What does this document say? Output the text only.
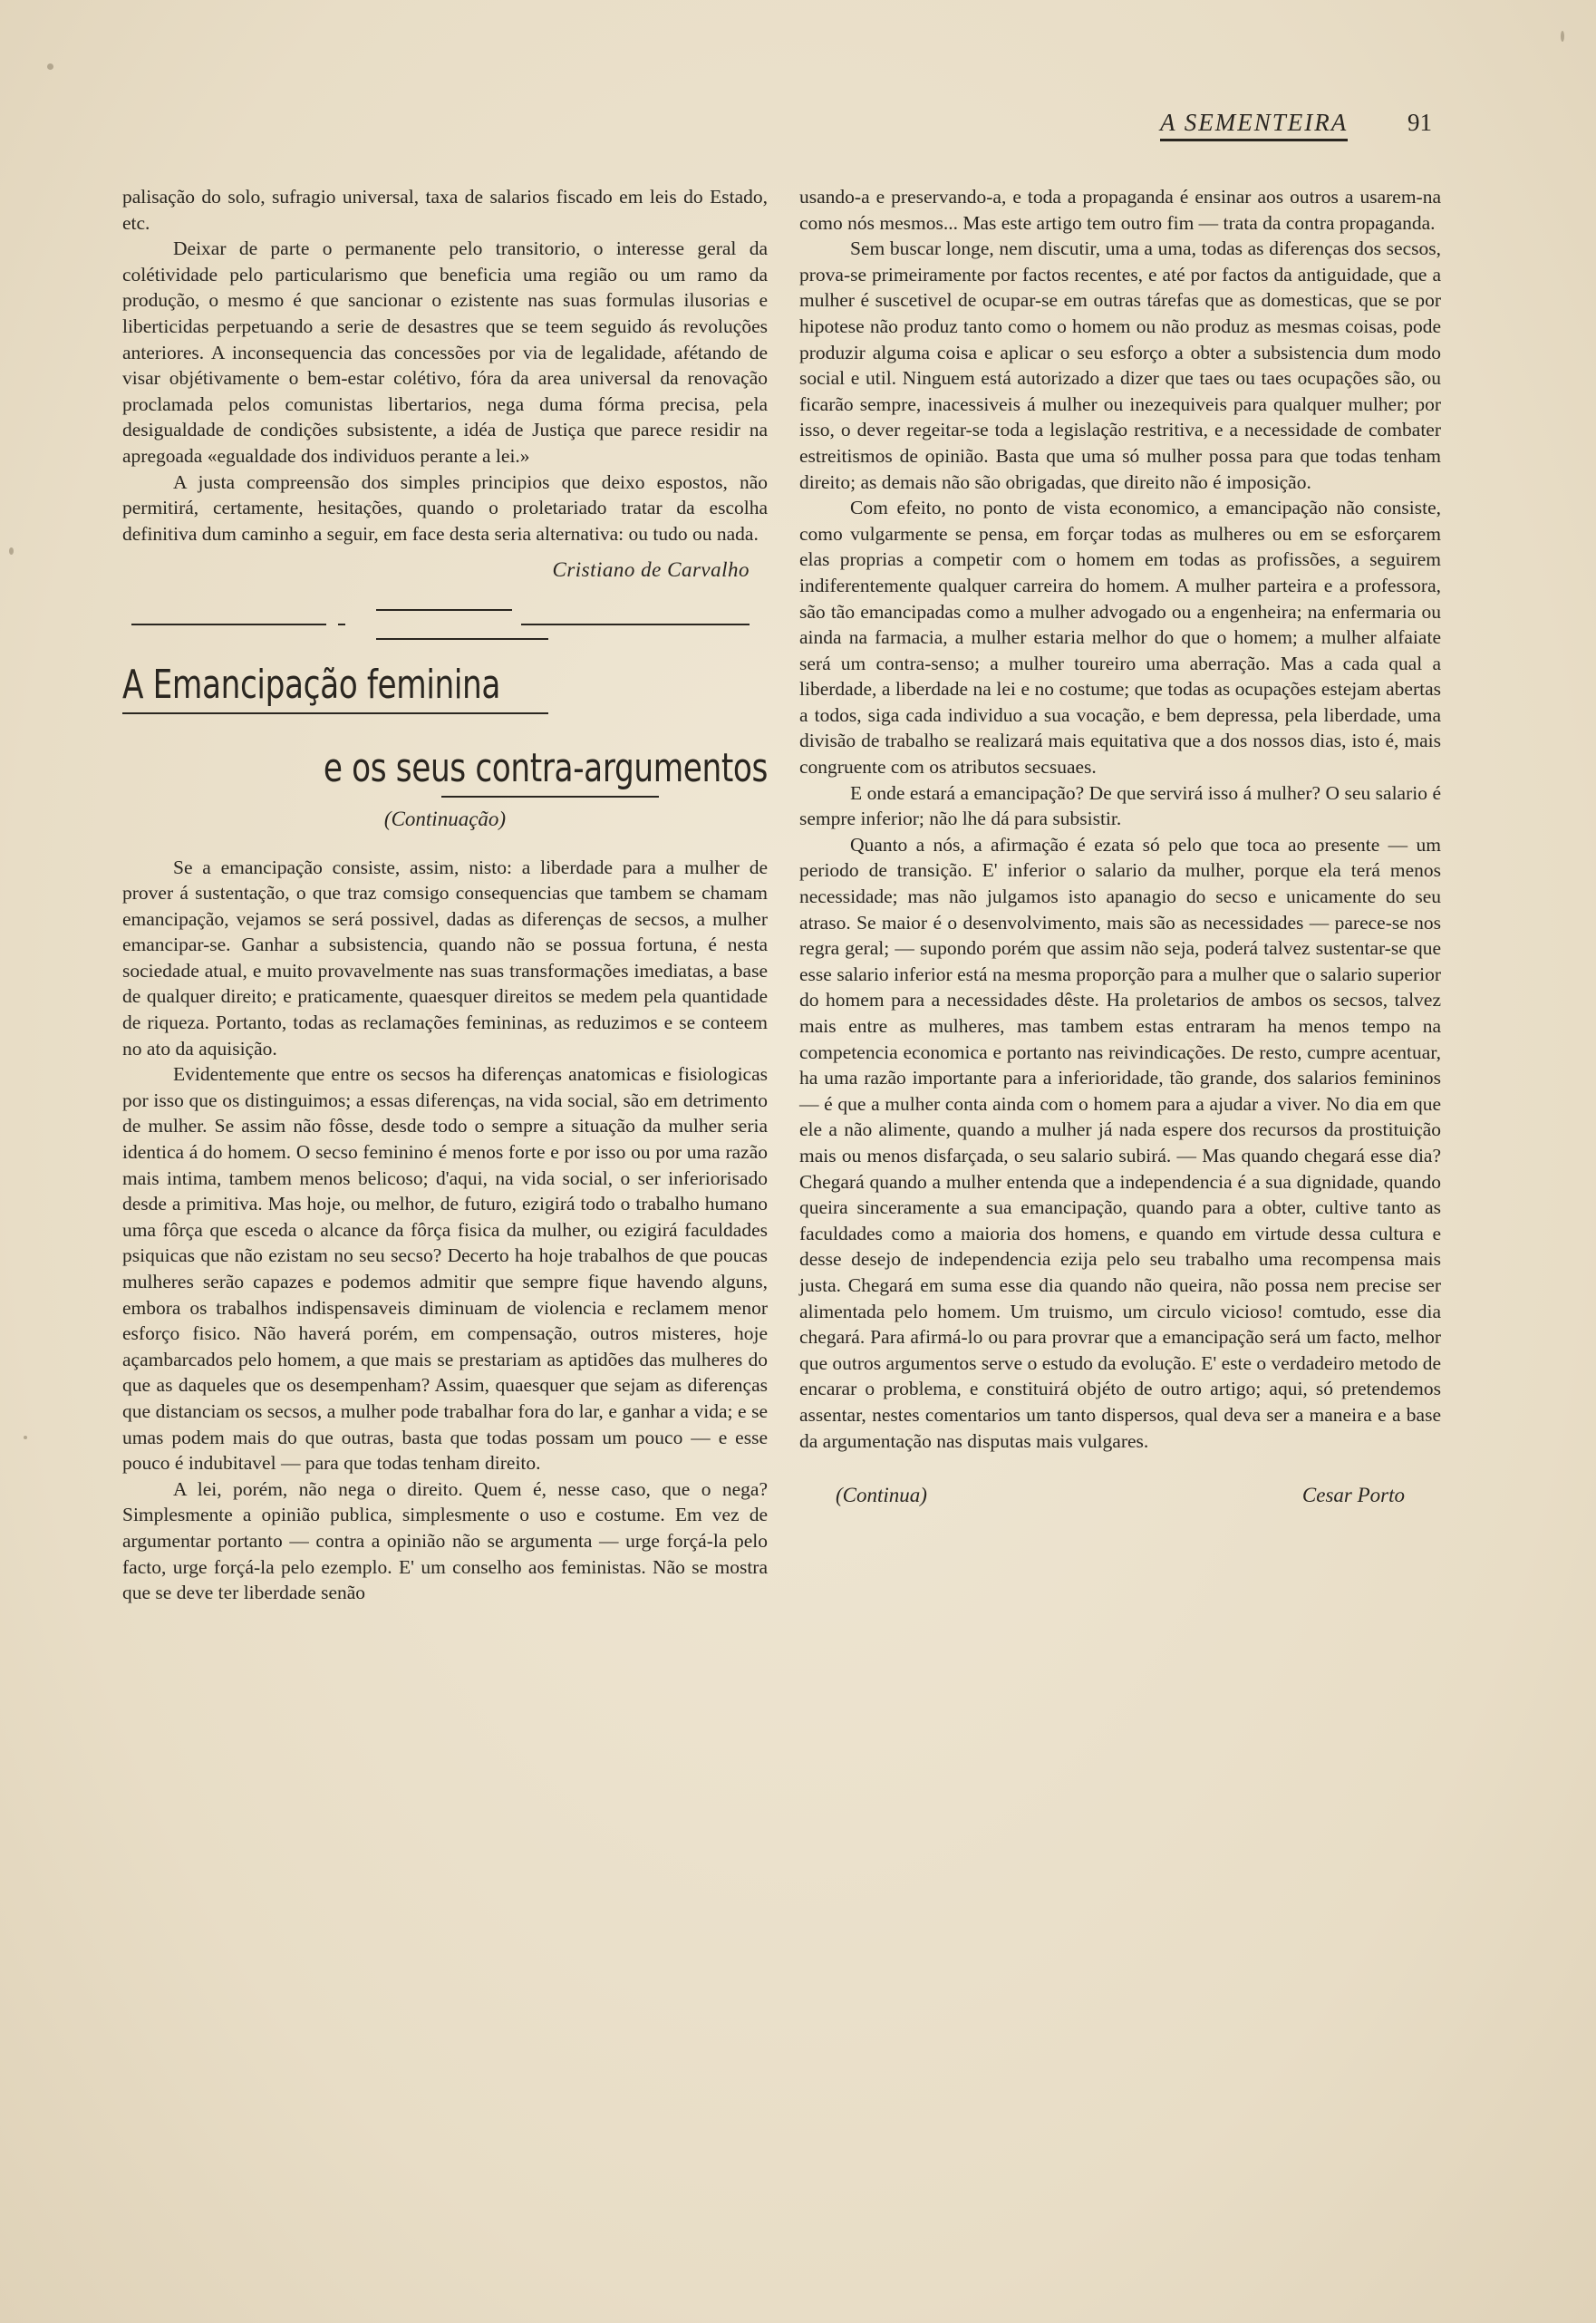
A SEMENTEIRA 91

palisação do solo, sufragio universal, taxa de salarios fiscado em leis do Estado, etc.

Deixar de parte o permanente pelo transitorio, o interesse geral da colétividade pelo particularismo que beneficia uma região ou um ramo da produção, o mesmo é que sancionar o ezistente nas suas formulas ilusorias e liberticidas perpetuando a serie de desastres que se teem seguido ás revoluções anteriores. A inconsequencia das concessões por via de legalidade, afétando de visar objétivamente o bem-estar colétivo, fóra da area universal da renovação proclamada pelos comunistas libertarios, nega duma fórma precisa, pela desigualdade de condições subsistente, a idéa de Justiça que parece residir na apregoada «egualdade dos individuos perante a lei.»

A justa compreensão dos simples principios que deixo espostos, não permitirá, certamente, hesitações, quando o proletariado tratar da escolha definitiva dum caminho a seguir, em face desta seria alternativa: ou tudo ou nada.

Cristiano de Carvalho
A Emancipação feminina
e os seus contra-argumentos
(Continuação)

Se a emancipação consiste, assim, nisto: a liberdade para a mulher de prover á sustentação, o que traz comsigo consequencias que tambem se chamam emancipação, vejamos se será possivel, dadas as diferenças de secsos, a mulher emancipar-se. Ganhar a subsistencia, quando não se possua fortuna, é nesta sociedade atual, e muito provavelmente nas suas transformações imediatas, a base de qualquer direito; e praticamente, quaesquer direitos se medem pela quantidade de riqueza. Portanto, todas as reclamações femininas, as reduzimos e se conteem no ato da aquisição.

Evidentemente que entre os secsos ha diferenças anatomicas e fisiologicas por isso que os distinguimos; a essas diferenças, na vida social, são em detrimento de mulher. Se assim não fôsse, desde todo o sempre a situação da mulher seria identica á do homem. O secso feminino é menos forte e por isso ou por uma razão mais intima, tambem menos belicoso; d'aqui, na vida social, o ser inferiorisado desde a primitiva. Mas hoje, ou melhor, de futuro, ezigirá todo o trabalho humano uma fôrça que esceda o alcance da fôrça fisica da mulher, ou ezigirá faculdades psiquicas que não ezistam no seu secso? Decerto ha hoje trabalhos de que poucas mulheres serão capazes e podemos admitir que sempre fique havendo alguns, embora os trabalhos indispensaveis diminuam de violencia e reclamem menor esforço fisico. Não haverá porém, em compensação, outros misteres, hoje açambarcados pelo homem, a que mais se prestariam as aptidões das mulheres do que as daqueles que os desempenham? Assim, quaesquer que sejam as diferenças que distanciam os secsos, a mulher pode trabalhar fora do lar, e ganhar a vida; e se umas podem mais do que outras, basta que todas possam um pouco — e esse pouco é indubitavel — para que todas tenham direito.

A lei, porém, não nega o direito. Quem é, nesse caso, que o nega? Simplesmente a opinião publica, simplesmente o uso e costume. Em vez de argumentar portanto — contra a opinião não se argumenta — urge forçá-la pelo facto, urge forçá-la pelo ezemplo. E' um conselho aos feministas. Não se mostra que se deve ter liberdade senão

usando-a e preservando-a, e toda a propaganda é ensinar aos outros a usarem-na como nós mesmos... Mas este artigo tem outro fim — trata da contra propaganda.

Sem buscar longe, nem discutir, uma a uma, todas as diferenças dos secsos, prova-se primeiramente por factos recentes, e até por factos da antiguidade, que a mulher é suscetivel de ocupar-se em outras tárefas que as domesticas, que se por hipotese não produz tanto como o homem ou não produz as mesmas coisas, pode produzir alguma coisa e aplicar o seu esforço a obter a subsistencia dum modo social e util. Ninguem está autorizado a dizer que taes ou taes ocupações são, ou ficarão sempre, inacessiveis á mulher ou inezequiveis para qualquer mulher; por isso, o dever regeitar-se toda a legislação restritiva, e a necessidade de combater estreitismos de opinião. Basta que uma só mulher possa para que todas tenham direito; as demais não são obrigadas, que direito não é imposição.

Com efeito, no ponto de vista economico, a emancipação não consiste, como vulgarmente se pensa, em forçar todas as mulheres ou em se esforçarem elas proprias a competir com o homem em todas as profissões, a seguirem indiferentemente qualquer carreira do homem. A mulher parteira e a professora, são tão emancipadas como a mulher advogado ou a engenheira; na enfermaria ou ainda na farmacia, a mulher estaria melhor do que o homem; a mulher alfaiate será um contra-senso; a mulher toureiro uma aberração. Mas a cada qual a liberdade, a liberdade na lei e no costume; que todas as ocupações estejam abertas a todos, siga cada individuo a sua vocação, e bem depressa, pela liberdade, uma divisão de trabalho se realizará mais equitativa que a dos nossos dias, isto é, mais congruente com os atributos secsuaes.

E onde estará a emancipação? De que servirá isso á mulher? O seu salario é sempre inferior; não lhe dá para subsistir.

Quanto a nós, a afirmação é ezata só pelo que toca ao presente — um periodo de transição. E' inferior o salario da mulher, porque ela terá menos necessidade; mas não julgamos isto apanagio do secso e unicamente do seu atraso. Se maior é o desenvolvimento, mais são as necessidades — parece-se nos regra geral; — supondo porém que assim não seja, poderá talvez sustentar-se que esse salario inferior está na mesma proporção para a mulher que o salario superior do homem para a necessidades dêste. Ha proletarios de ambos os secsos, talvez mais entre as mulheres, mas tambem estas entraram ha menos tempo na competencia economica e portanto nas reivindicações. De resto, cumpre acentuar, ha uma razão importante para a inferioridade, tão grande, dos salarios femininos — é que a mulher conta ainda com o homem para a ajudar a viver. No dia em que ele a não alimente, quando a mulher já nada espere dos recursos da prostituição mais ou menos disfarçada, o seu salario subirá. — Mas quando chegará esse dia? Chegará quando a mulher entenda que a independencia é a sua dignidade, quando queira sinceramente a sua emancipação, quando para a obter, cultive tanto as faculdades como a maioria dos homens, e quando em virtude dessa cultura e desse desejo de independencia ezija pelo seu trabalho uma recompensa mais justa. Chegará em suma esse dia quando não queira, não possa nem precise ser alimentada pelo homem. Um truismo, um circulo vicioso! comtudo, esse dia chegará. Para afirmá-lo ou para provrar que a emancipação será um facto, melhor que outros argumentos serve o estudo da evolução. E' este o verdadeiro metodo de encarar o problema, e constituirá objéto de outro artigo; aqui, só pretendemos assentar, nestes comentarios um tanto dispersos, qual deva ser a maneira e a base da argumentação nas disputas mais vulgares.

(Continua)	Cesar Porto
